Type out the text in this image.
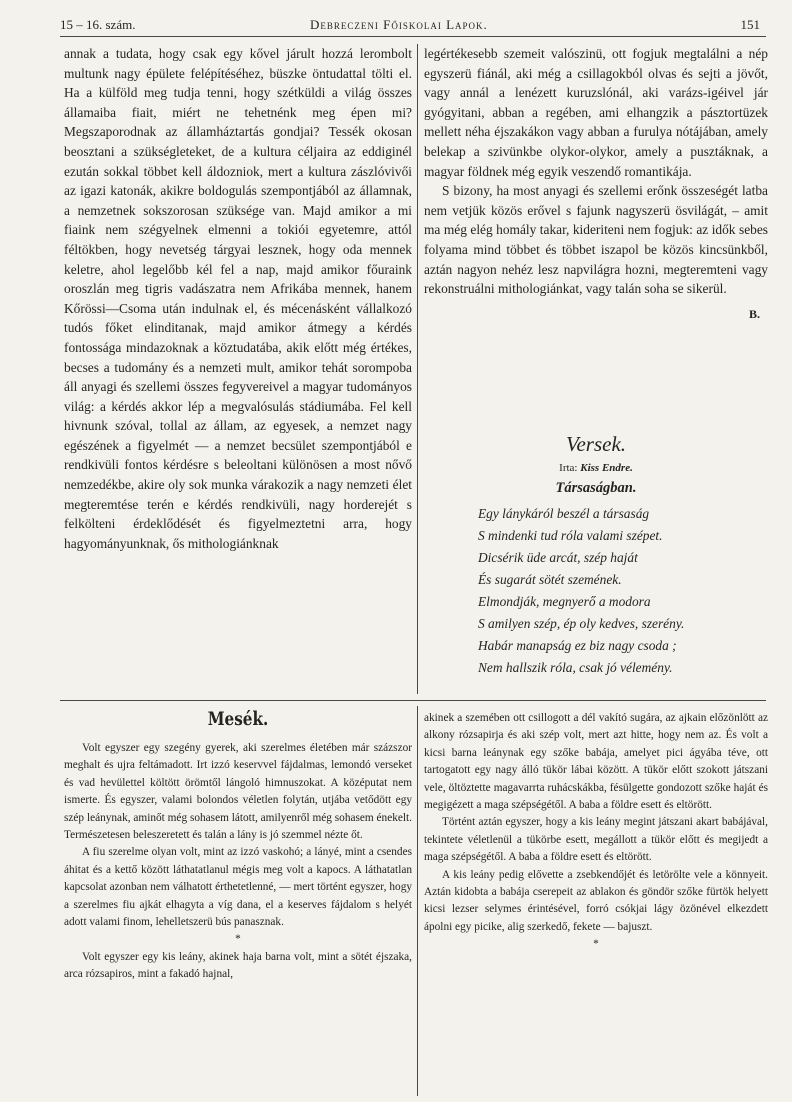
15 – 16. szám.	Debreczeni Főiskolai Lapok.	151

annak a tudata, hogy csak egy kővel járult hozzá lerombolt multunk nagy épülete felépítéséhez, büszke öntudattal tölti el. Ha a külföld meg tudja tenni, hogy szétküldi a világ összes államaiba fiait, miért ne tehetnénk meg épen mi? Megszaporodnak az államháztartás gondjai? Tessék okosan beosztani a szükségleteket, de a kultura céljaira az eddiginél ezután sokkal többet kell áldozniok, mert a kultura zászlóvivői az igazi katonák, akikre boldogulás szempontjából az államnak, a nemzetnek sokszorosan szüksége van. Majd amikor a mi fiaink nem szégyelnek elmenni a tokiói egyetemre, attól féltökben, hogy nevetség tárgyai lesznek, hogy oda mennek keletre, ahol legelőbb kél fel a nap, majd amikor főuraink oroszlán meg tigris vadászatra nem Afrikába mennek, hanem Kőrössi—Csoma után indulnak el, és mécenásként vállalkozó tudós főket elinditanak, majd amikor átmegy a kérdés fontossága mindazoknak a köztudatába, akik előtt még értékes, becses a tudomány és a nemzeti mult, amikor tehát sorompoba áll anyagi és szellemi összes fegyvereivel a magyar tudományos világ: a kérdés akkor lép a megvalósulás stádiumába. Fel kell hivnunk szóval, tollal az állam, az egyesek, a nemzet nagy egészének a figyelmét — a nemzet becsület szempontjából e rendkivüli fontos kérdésre s beleoltani különösen a most nővő nemzedékbe, akire oly sok munka várakozik a nagy nemzeti élet megteremtése terén e kérdés rendkivüli, nagy horderejét s felkölteni érdeklődését és figyelmeztetni arra, hogy hagyományunknak, ős mithologiánknak

legértékesebb szemeit valószinü, ott fogjuk megtalálni a nép egyszerü fiánál, aki még a csillagokból olvas és sejti a jövőt, vagy annál a lenézett kuruzslónál, aki varázs-igéivel jár gyógyitani, abban a regében, ami elhangzik a pásztortüzek mellett néha éjszakákon vagy abban a furulya nótájában, amely belekap a szivünkbe olykor-olykor, amely a pusztáknak, a magyar földnek még egyik veszendő romantikája.

S bizony, ha most anyagi és szellemi erőnk összeségét latba nem vetjük közös erővel s fajunk nagyszerü ösvilágát, – amit ma még elég homály takar, kideriteni nem fogjuk: az idők sebes folyama mind többet és többet iszapol be közös kincsünkből, aztán nagyon nehéz lesz napvilágra hozni, megteremteni vagy rekonstruálni mithologiánkat, vagy talán soha se sikerül.

B.

Versek.
Irta: Kiss Endre.
Társaságban.
Egy lánykáról beszél a társaság
S mindenki tud róla valami szépet.
Dicsérik üde arcát, szép haját
És sugarát sötét szemének.
Elmondják, megnyerő a modora
S amilyen szép, ép oly kedves, szerény.
Habár manapság ez biz nagy csoda ;
Nem hallszik róla, csak jó vélemény.
Mesék.

Volt egyszer egy szegény gyerek, aki szerelmes életében már százszor meghalt és ujra feltámadott. Irt izzó keservvel fájdalmas, lemondó verseket és vad hevülettel költött örömtől lángoló himnuszokat. A középutat nem ismerte. És egyszer, valami bolondos véletlen folytán, utjába vetődött egy szép leánynak, aminőt még sohasem látott, amilyenről még sohasem énekelt. Természetesen beleszeretett és talán a lány is jó szemmel nézte őt.

A fiu szerelme olyan volt, mint az izzó vaskohó; a lányé, mint a csendes áhitat és a kettő között láthatatlanul mégis meg volt a kapocs. A láthatatlan kapcsolat azonban nem válhatott érthetetlenné, — mert történt egyszer, hogy a szerelmes fiu ajkát elhagyta a víg dana, el a keserves fájdalom s helyét adott valami finom, lehelletszerü bús panasznak.

*

Volt egyszer egy kis leány, akinek haja barna volt, mint a sötét éjszaka, arca rózsapiros, mint a fakadó hajnal,

akinek a szemében ott csillogott a dél vakító sugára, az ajkain előzönlött az alkony rózsapirja és aki szép volt, mert azt hitte, hogy nem az. És volt a kicsi barna leánynak egy szőke babája, amelyet pici ágyába téve, ott tartogatott egy nagy álló tükör lábai között. A tükör előtt szokott játszani vele, öltöztette magavarrta ruhácskákba, fésülgette gondozott szőke haját és megigézett a maga szépségétől. A baba a földre esett és eltörött.

Történt aztán egyszer, hogy a kis leány megint játszani akart babájával, tekintete véletlenül a tükörbe esett, megállott a tükör előtt és megijedt a maga szépségétől. A baba a földre esett és eltörött.

A kis leány pedig elővette a zsebkendőjét és letörölte vele a könnyeit. Aztán kidobta a babája cserepeit az ablakon és göndör szőke fürtök helyett kicsi lezser selymes érintésével, forró csókjai lágy özönével elkezdett ápolni egy picike, alig szerkedő, fekete — bajuszt.

*
